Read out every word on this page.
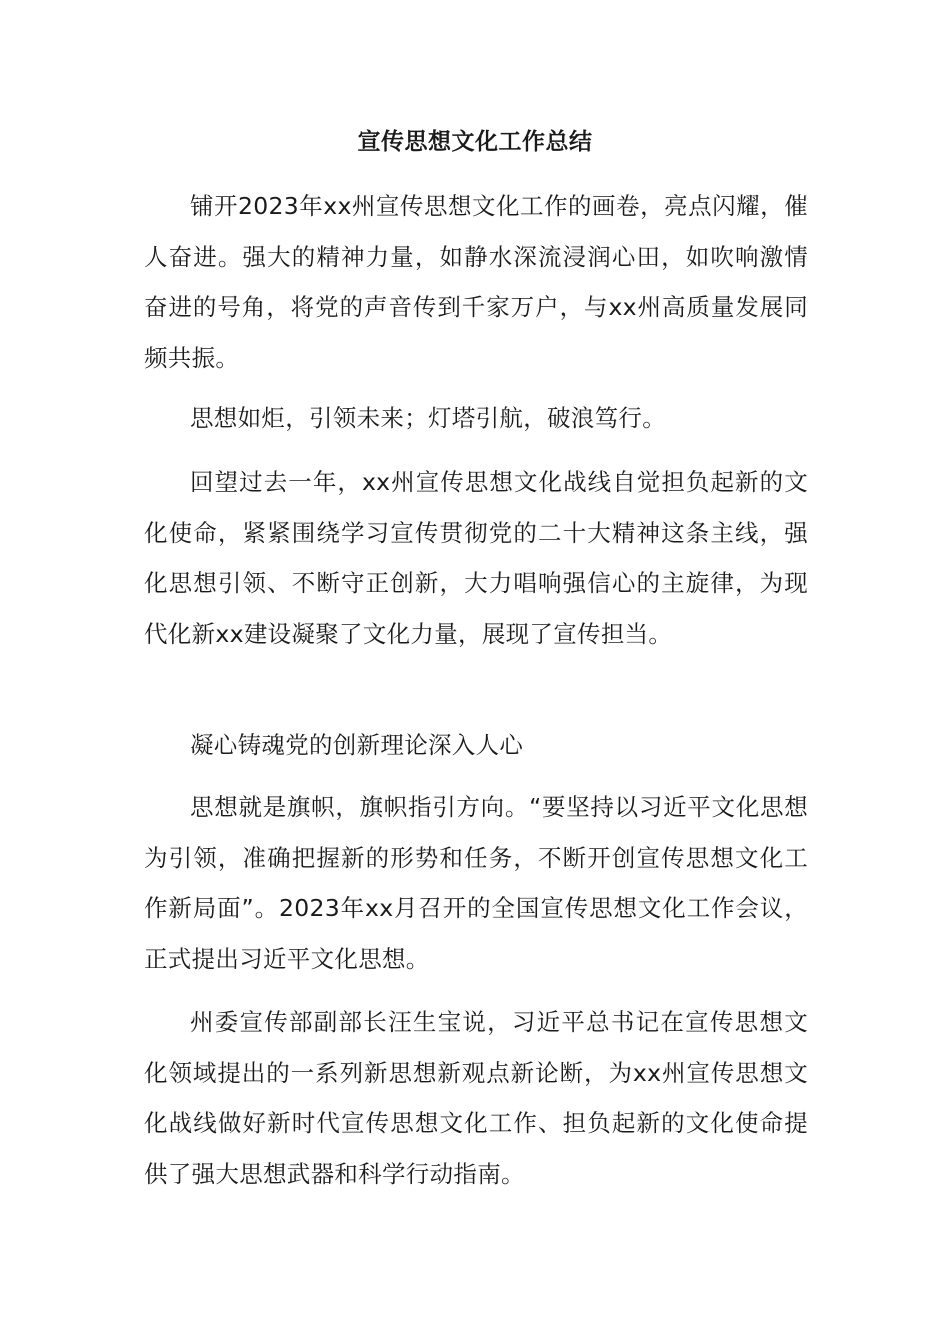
宣传思想文化工作总结

铺开2023年xx州宣传思想文化工作的画卷，亮点闪耀，催人奋进。强大的精神力量，如静水深流浸润心田，如吹响激情奋进的号角，将党的声音传到千家万户，与xx州高质量发展同频共振。

思想如炬，引领未来；灯塔引航，破浪笃行。

回望过去一年，xx州宣传思想文化战线自觉担负起新的文化使命，紧紧围绕学习宣传贯彻党的二十大精神这条主线，强化思想引领、不断守正创新，大力唱响强信心的主旋律，为现代化新xx建设凝聚了文化力量，展现了宣传担当。

凝心铸魂党的创新理论深入人心

思想就是旗帜，旗帜指引方向。“要坚持以习近平文化思想为引领，准确把握新的形势和任务，不断开创宣传思想文化工作新局面”。2023年xx月召开的全国宣传思想文化工作会议，正式提出习近平文化思想。

州委宣传部副部长汪生宝说，习近平总书记在宣传思想文化领域提出的一系列新思想新观点新论断，为xx州宣传思想文化战线做好新时代宣传思想文化工作、担负起新的文化使命提供了强大思想武器和科学行动指南。
